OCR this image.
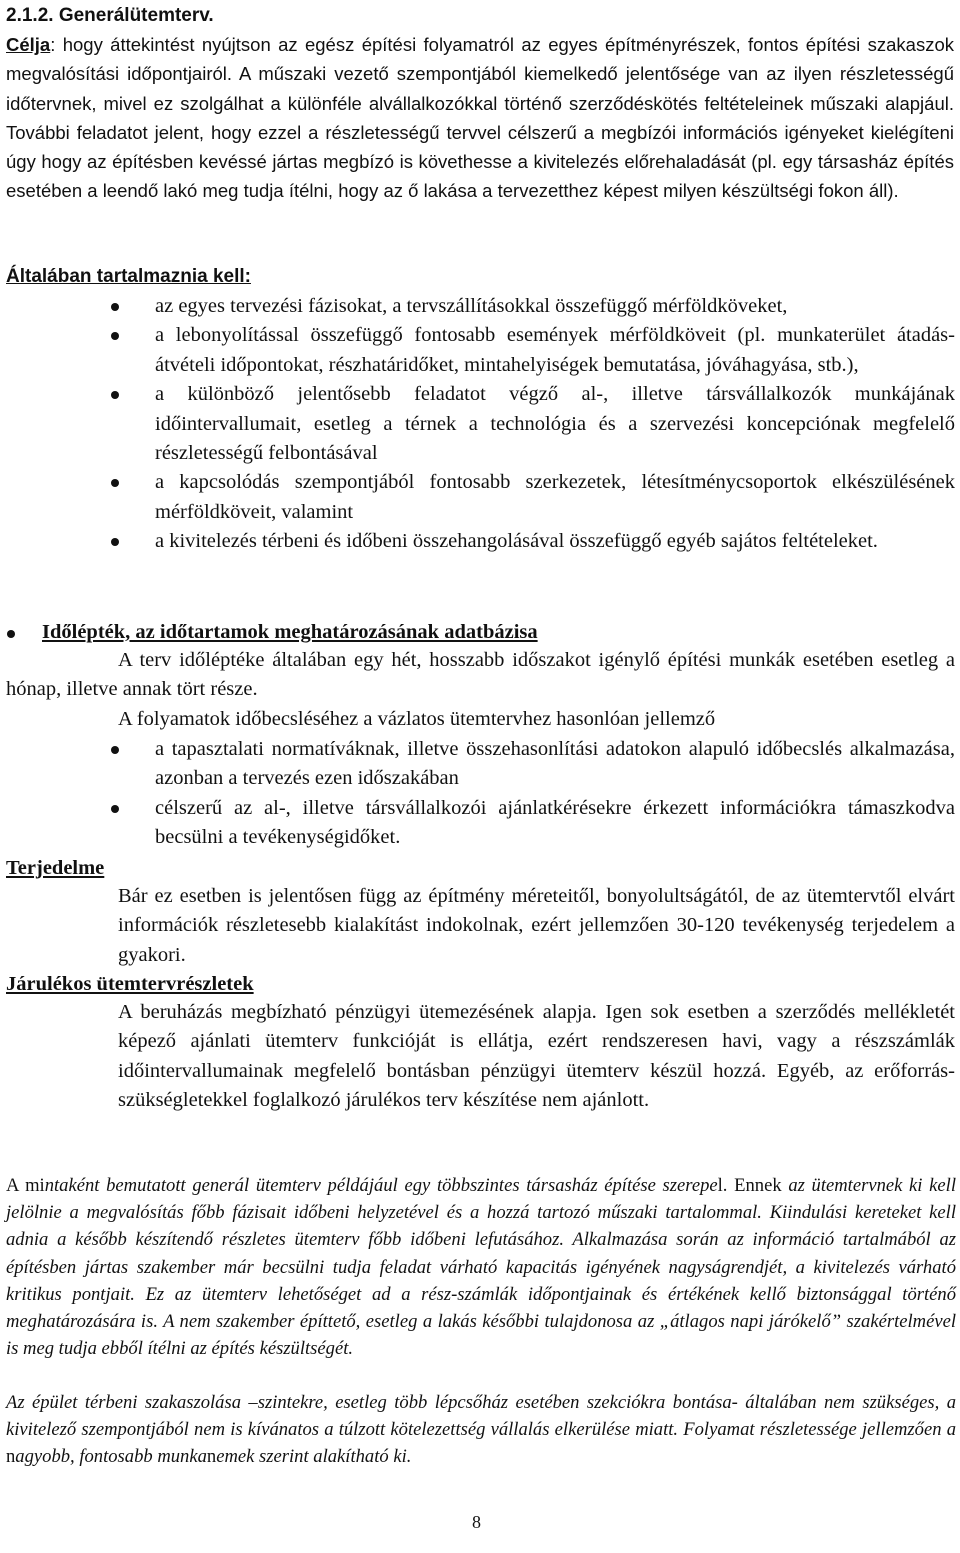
2.1.2. Generálütemterv.
Célja: hogy áttekintést nyújtson az egész építési folyamatról az egyes építményrészek, fontos építési szakaszok megvalósítási időpontjairól. A műszaki vezető szempontjából kiemelkedő jelentősége van az ilyen részletességű időtervnek, mivel ez szolgálhat a különféle alvállalkozókkal történő szerződéskötés feltételeinek műszaki alapjául. További feladatot jelent, hogy ezzel a részletességű tervvel célszerű a megbízói információs igényeket kielégíteni úgy hogy az építésben kevéssé jártas megbízó is követhesse a kivitelezés előrehaladását (pl. egy társasház építés esetében a leendő lakó meg tudja ítélni, hogy az ő lakása a tervezetthez képest milyen készültségi fokon áll).
Általában tartalmaznia kell:
az egyes tervezési fázisokat, a tervszállításokkal összefüggő mérföldköveket,
a lebonyolítással összefüggő fontosabb események mérföldköveit (pl. munkaterület átadás-átvételi időpontokat, részhatáridőket, mintahelyiségek bemutatása, jóváhagyása, stb.),
a különböző jelentősebb feladatot végző al-, illetve társvállalkozók munkájának időintervallumait, esetleg a térnek a technológia és a szervezési koncepciónak megfelelő részletességű felbontásával
a kapcsolódás szempontjából fontosabb szerkezetek, létesítménycsoportok elkészülésének mérföldköveit, valamint
a kivitelezés térbeni és időbeni összehangolásával összefüggő egyéb sajátos feltételeket.
Időlépték, az időtartamok meghatározásának adatbázisa
A terv időléptéke általában egy hét, hosszabb időszakot igénylő építési munkák esetében esetleg a hónap, illetve annak tört része.
A folyamatok időbecsléséhez a vázlatos ütemtervhez hasonlóan jellemző
a tapasztalati normatíváknak, illetve összehasonlítási adatokon alapuló időbecslés alkalmazása, azonban a tervezés ezen időszakában
célszerű az al-, illetve társvállalkozói ajánlatkérésekre érkezett információkra támaszkodva becsülni a tevékenységidőket.
Terjedelme
Bár ez esetben is jelentősen függ az építmény méreteitől, bonyolultságától, de az ütemtervtől elvárt információk részletesebb kialakítást indokolnak, ezért jellemzően 30-120 tevékenység terjedelem a gyakori.
Járulékos ütemtervrészletek
A beruházás megbízható pénzügyi ütemezésének alapja. Igen sok esetben a szerződés mellékletét képező ajánlati ütemterv funkcióját is ellátja, ezért rendszeresen havi, vagy a részszámlák időintervallumainak megfelelő bontásban pénzügyi ütemterv készül hozzá. Egyéb, az erőforrás-szükségletekkel foglalkozó járulékos terv készítése nem ajánlott.
A mintaként bemutatott generál ütemterv példájául egy többszintes társasház építése szerepel. Ennek az ütemtervnek ki kell jelölnie a megvalósítás főbb fázisait időbeni helyzetével és a hozzá tartozó műszaki tartalommal. Kiindulási kereteket kell adnia a később készítendő részletes ütemterv főbb időbeni lefutásához. Alkalmazása során az információ tartalmából az építésben jártas szakember már becsülni tudja feladat várható kapacitás igényének nagyságrendjét, a kivitelezés várható kritikus pontjait. Ez az ütemterv lehetőséget ad a rész-számlák időpontjainak és értékének kellő biztonsággal történő meghatározására is. A nem szakember építtető, esetleg a lakás későbbi tulajdonosa az „átlagos napi járókelő” szakértelmével is meg tudja ebből ítélni az építés készültségét.
Az épület térbeni szakaszolása –szintekre, esetleg több lépcsőház esetében szekciókra bontása- általában nem szükséges, a kivitelező szempontjából nem is kívánatos a túlzott kötelezettség vállalás elkerülése miatt. Folyamat részletessége jellemzően a nagyobb, fontosabb munkanemek szerint alakítható ki.
8
